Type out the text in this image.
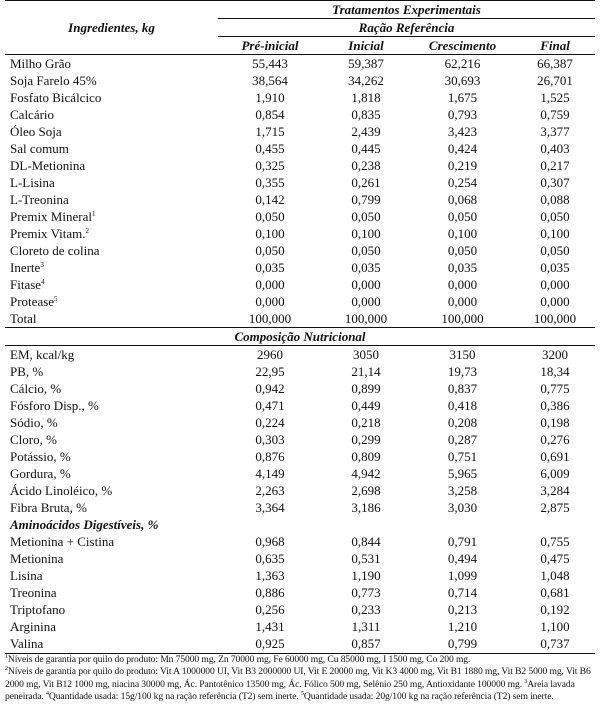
Ingredientes, kg	Tratamentos Experimentais			
	Ração Referência			
	Pré-inicial	Inicial	Crescimento	Final
Milho Grão	55,443	59,387	62,216	66,387
Soja Farelo 45%	38,564	34,262	30,693	26,701
Fosfato Bicálcico	1,910	1,818	1,675	1,525
Calcário	0,854	0,835	0,793	0,759
Óleo Soja	1,715	2,439	3,423	3,377
Sal comum	0,455	0,445	0,424	0,403
DL-Metionina	0,325	0,238	0,219	0,217
L-Lisina	0,355	0,261	0,254	0,307
L-Treonina	0,142	0,799	0,068	0,088
Premix Mineral$^1$	0,050	0,050	0,050	0,050
Premix Vitam.$^2$	0,100	0,100	0,100	0,100
Cloreto de colina	0,050	0,050	0,050	0,050
Inerte$^3$	0,035	0,035	0,035	0,035
Fitase$^4$	0,000	0,000	0,000	0,000
Protease$^5$	0,000	0,000	0,000	0,000
Total	100,000	100,000	100,000	100,000
Composição Nutricional				
EM, kcal/kg	2960	3050	3150	3200
PB, %	22,95	21,14	19,73	18,34
Cálcio, %	0,942	0,899	0,837	0,775
Fósforo Disp., %	0,471	0,449	0,418	0,386
Sódio, %	0,224	0,218	0,208	0,198
Cloro, %	0,303	0,299	0,287	0,276
Potássio, %	0,876	0,809	0,751	0,691
Gordura, %	4,149	4,942	5,965	6,009
Ácido Linoléico, %	2,263	2,698	3,258	3,284
Fibra Bruta, %	3,364	3,186	3,030	2,875
Aminoácidos Digestíveis, %				
Metionina + Cistina	0,968	0,844	0,791	0,755
Metionina	0,635	0,531	0,494	0,475
Lisina	1,363	1,190	1,099	1,048
Treonina	0,886	0,773	0,714	0,681
Triptofano	0,256	0,233	0,213	0,192
Arginina	1,431	1,311	1,210	1,100
Valina	0,925	0,857	0,799	0,737

$^1$Níveis de garantia por quilo do produto: Mn 75000 mg, Zn 70000 mg, Fe 60000 mg, Cu 85000 mg, I 1500 mg, Co 200 mg.

$^2$Níveis de garantia por quilo do produto: Vit A 1000000 UI, Vit B3 2000000 UI, Vit E 20000 mg, Vit K3 4000 mg, Vit B1 1880 mg, Vit B2 5000 mg, Vit B6 2000 mg, Vit B12 1000 mg, niacina 30000 mg, Ác. Pantotênico 13500 mg, Ác. Fólico 500 mg, Selênio 250 mg, Antioxidante 100000 mg. $^3$Areia lavada peneirada. $^4$Quantidade usada: 15g/100 kg na ração referência (T2) sem inerte. $^5$Quantidade usada: 20g/100 kg na ração referência (T2) sem inerte.
